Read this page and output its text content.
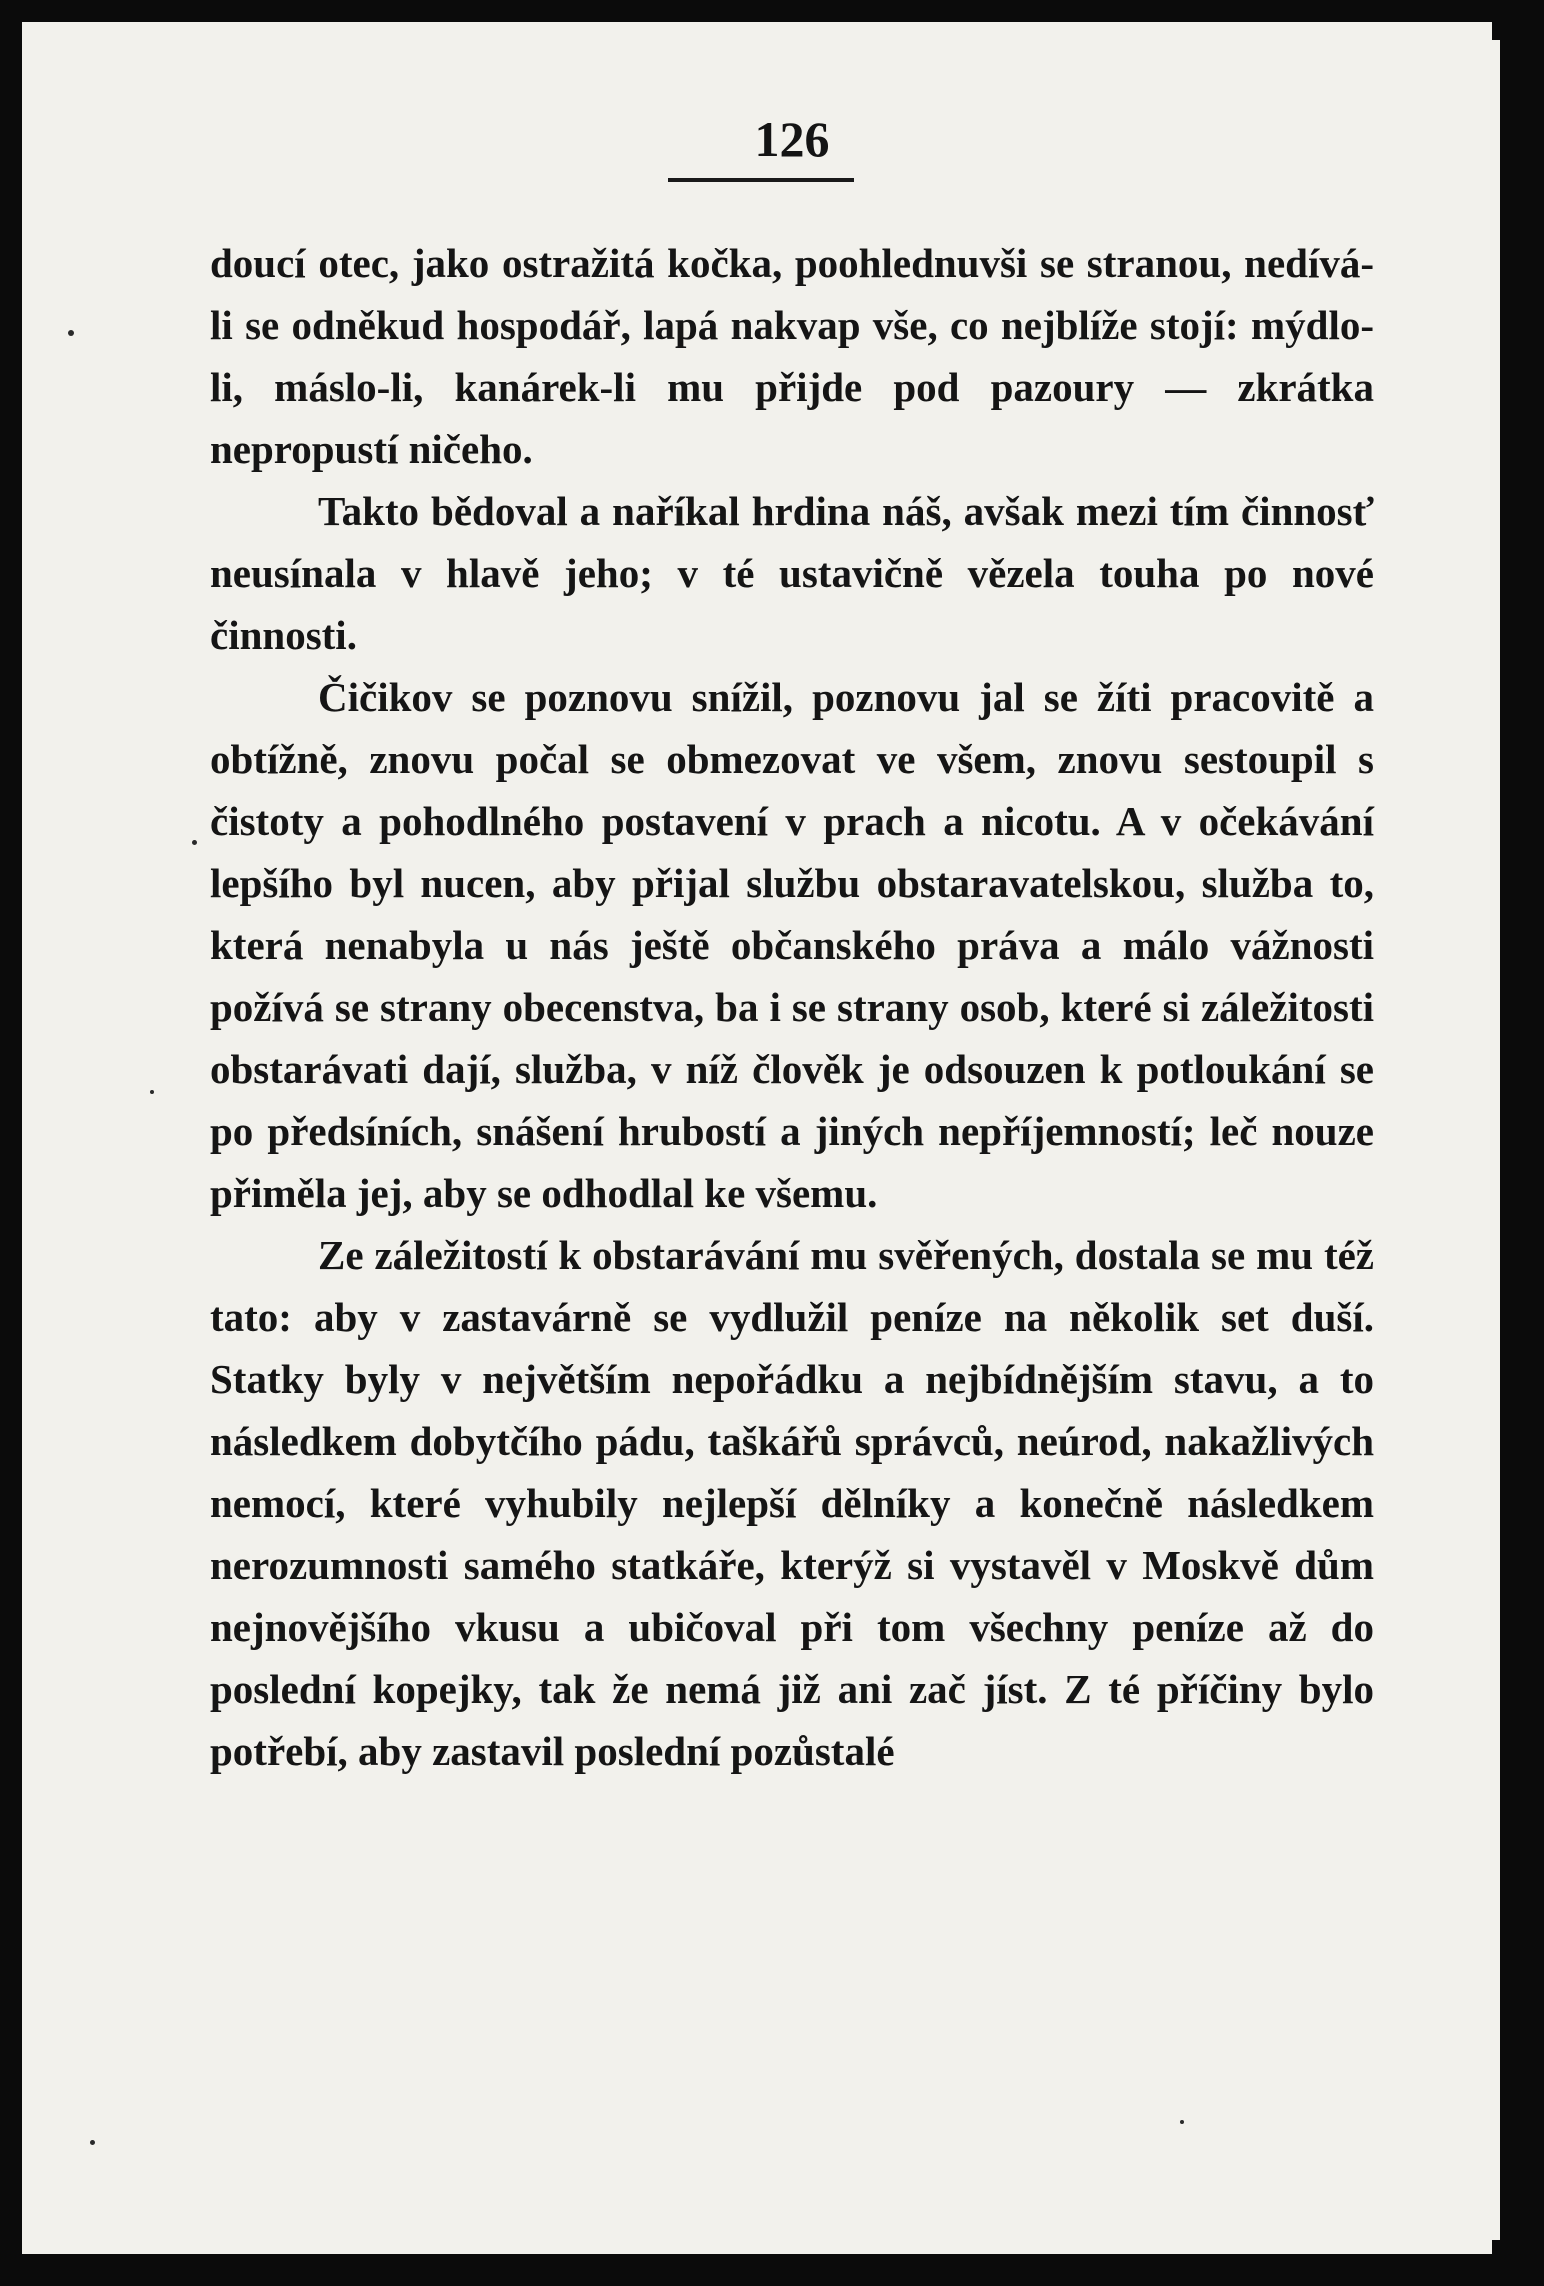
126

doucí otec, jako ostražitá kočka, poohlednuvši se stranou, nedívá-li se odněkud hospodář, lapá nakvap vše, co nejblíže stojí: mýdlo-li, máslo-li, kanárek-li mu přijde pod pazoury — zkrátka nepropustí ničeho.

Takto bědoval a naříkal hrdina náš, avšak mezi tím činnosť neusínala v hlavě jeho; v té ustavičně vězela touha po nové činnosti.

Čičikov se poznovu snížil, poznovu jal se žíti pracovitě a obtížně, znovu počal se obmezovat ve všem, znovu sestoupil s čistoty a pohodlného postavení v prach a nicotu. A v očekávání lepšího byl nucen, aby přijal službu obstaravatelskou, služba to, která nenabyla u nás ještě občanského práva a málo vážnosti požívá se strany obecenstva, ba i se strany osob, které si záležitosti obstarávati dají, služba, v níž člověk je odsouzen k potloukání se po předsíních, snášení hrubostí a jiných nepříjemností; leč nouze přiměla jej, aby se odhodlal ke všemu.

Ze záležitostí k obstarávání mu svěřených, dostala se mu též tato: aby v zastavárně se vydlužil peníze na několik set duší. Statky byly v největším nepořádku a nejbídnějším stavu, a to následkem dobytčího pádu, taškářů správců, neúrod, nakažlivých nemocí, které vyhubily nejlepší dělníky a konečně následkem nerozumnosti samého statkáře, kterýž si vystavěl v Moskvě dům nejnovějšího vkusu a ubičoval při tom všechny peníze až do poslední kopejky, tak že nemá již ani zač jíst. Z té příčiny bylo potřebí, aby zastavil poslední pozůstalé
